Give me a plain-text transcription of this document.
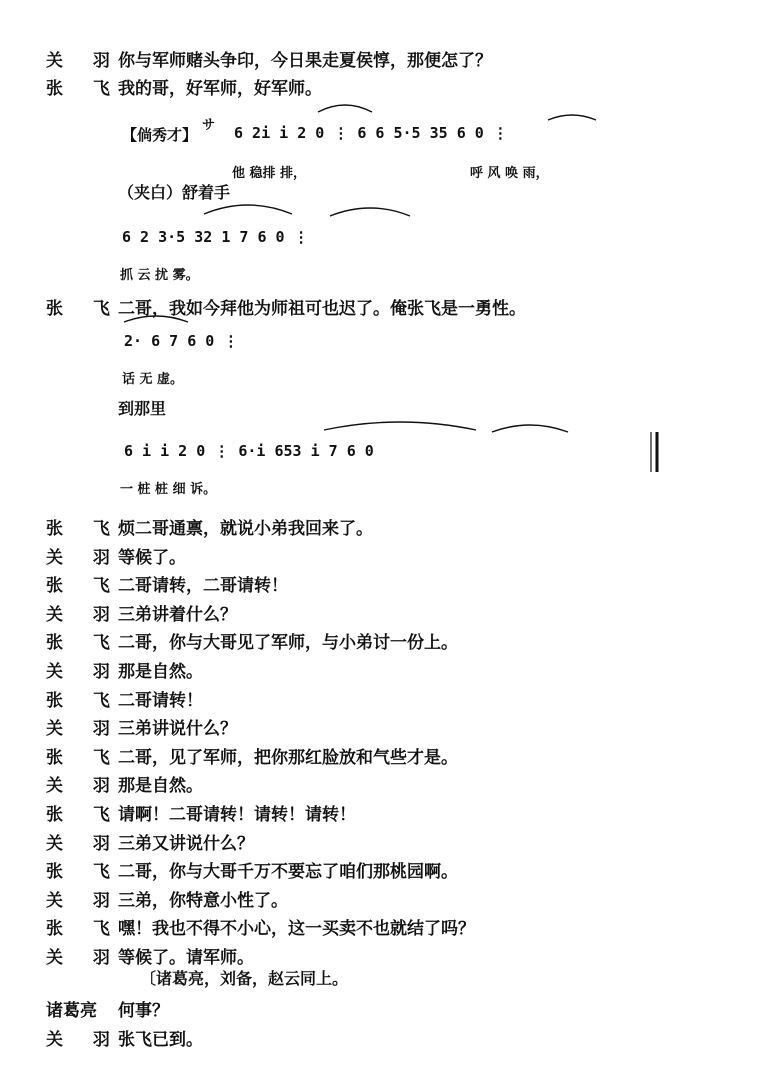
关 羽
你与军师赌头争印，今日果走夏侯惇，那便怎了？
张 飞
我的哥，好军师，好军师。
【倘秀才】
サ 6 2i i 2 0 ⋮ 6 6 5·5 35 6 0 ⋮
他 稳排 排，	呼 风 唤 雨，
（夹白）舒着手
6 2 3·5 32 1 7 6 0 ⋮
抓 云 扰 雾。
张 飞
二哥，我如今拜他为师祖可也迟了。俺张飞是一勇性。
2· 6 7 6 0 ⋮
话 无 虚。
到那里
6 i i 2 0 ⋮ 6·i 653 i 7 6 0
一 桩 桩 细 诉。
张 飞
烦二哥通禀，就说小弟我回来了。
关 羽
等候了。
张 飞
二哥请转，二哥请转！
关 羽
三弟讲着什么？
张 飞
二哥，你与大哥见了军师，与小弟讨一份上。
关 羽
那是自然。
张 飞
二哥请转！
关 羽
三弟讲说什么？
张 飞
二哥，见了军师，把你那红脸放和气些才是。
关 羽
那是自然。
张 飞
请啊！二哥请转！请转！请转！
关 羽
三弟又讲说什么？
张 飞
二哥，你与大哥千万不要忘了咱们那桃园啊。
关 羽
三弟，你特意小性了。
张 飞
嘿！我也不得不小心，这一买卖不也就结了吗？
关 羽
等候了。请军师。
〔诸葛亮，刘备，赵云同上。
诸葛亮 何事？
关 羽
张飞已到。
